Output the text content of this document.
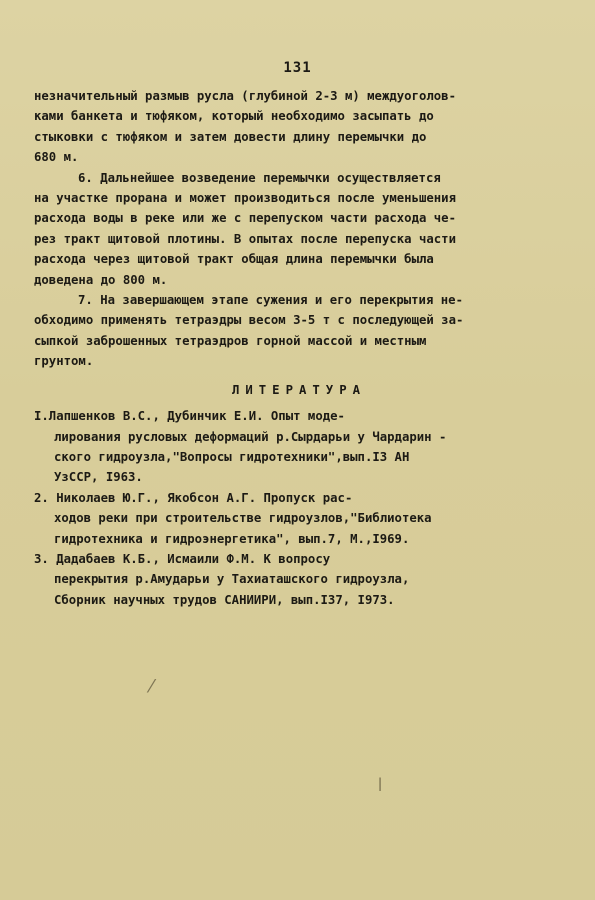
131
незначительный размыв русла (глубиной 2-3 м) междуоголов-
ками банкета и тюфяком, который необходимо засыпать до
стыковки с тюфяком и затем довести длину перемычки до
680 м.
6. Дальнейшее возведение перемычки осуществляется
на участке прорана и может производиться после уменьшения
расхода воды в реке или же с перепуском части расхода че-
рез тракт щитовой плотины. В опытах после перепуска части
расхода через щитовой тракт общая длина перемычки была
доведена до 800 м.
7. На завершающем этапе сужения и его перекрытия не-
обходимо применять тетраэдры весом 3-5 т с последующей за-
сыпкой заброшенных тетраэдров горной массой и местным
грунтом.
ЛИТЕРАТУРА
I.Лапшенков В.С., Дубинчик Е.И. Опыт моде-
лирования русловых деформаций р.Сырдарьи у Чардарин -
ского гидроузла,"Вопросы гидротехники",вып.I3 АН
УзССР, I963.
2. Николаев Ю.Г., Якобсон А.Г. Пропуск рас-
ходов реки при строительстве гидроузлов,"Библиотека
гидротехника и гидроэнергетика", вып.7, М.,I969.
3. Дадабаев К.Б., Исмаили Ф.М. К вопросу
перекрытия р.Амударьи у Тахиаташского гидроузла,
Сборник научных трудов САНИИРИ, вып.I37, I973.
⁄
ǀ
